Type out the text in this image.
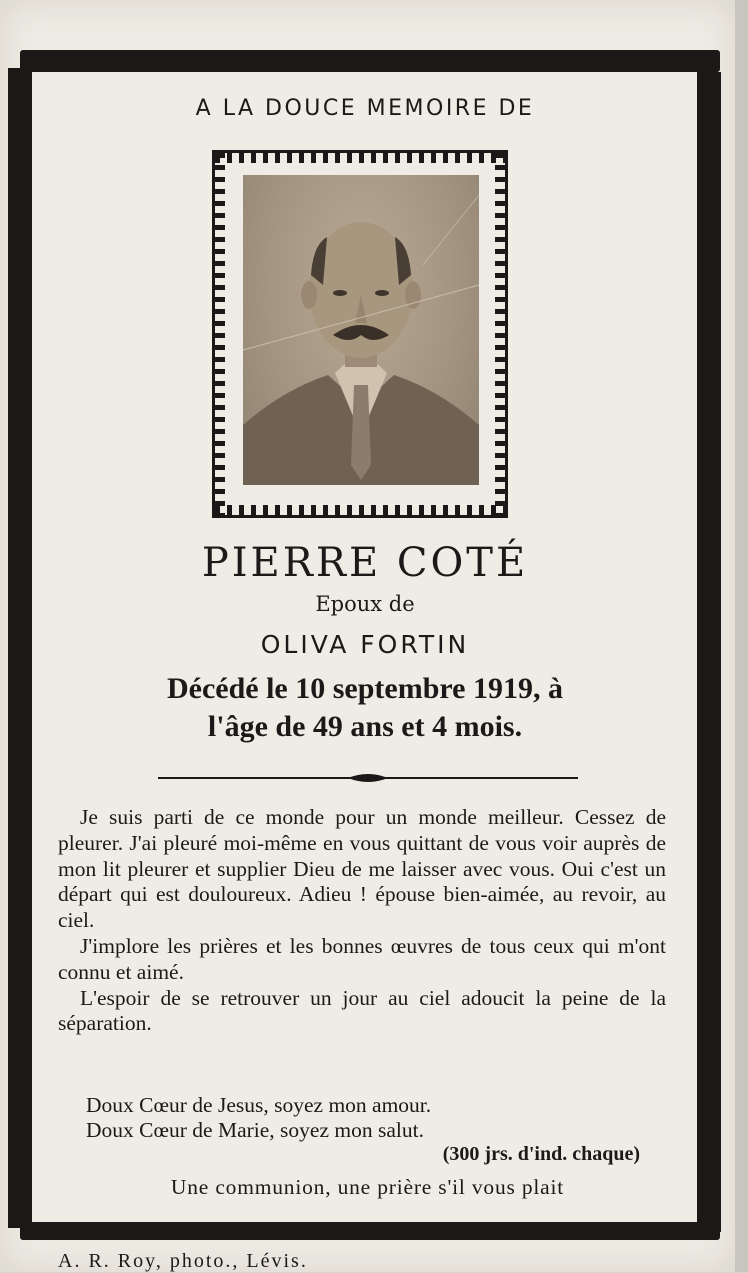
A LA DOUCE MEMOIRE DE
PIERRE COTÉ
Epoux de
OLIVA FORTIN
Décédé le 10 septembre 1919, à
l'âge de 49 ans et 4 mois.

Je suis parti de ce monde pour un monde meilleur. Cessez de pleurer. J'ai pleuré moi-même en vous quittant de vous voir auprès de mon lit pleurer et supplier Dieu de me laisser avec vous. Oui c'est un départ qui est douloureux. Adieu ! épouse bien-aimée, au revoir, au ciel.

J'implore les prières et les bonnes œuvres de tous ceux qui m'ont connu et aimé.

L'espoir de se retrouver un jour au ciel adoucit la peine de la séparation.

Doux Cœur de Jesus, soyez mon amour.
Doux Cœur de Marie, soyez mon salut.
(300 jrs. d'ind. chaque)
Une communion, une prière s'il vous plait
A. R. Roy, photo., Lévis.
